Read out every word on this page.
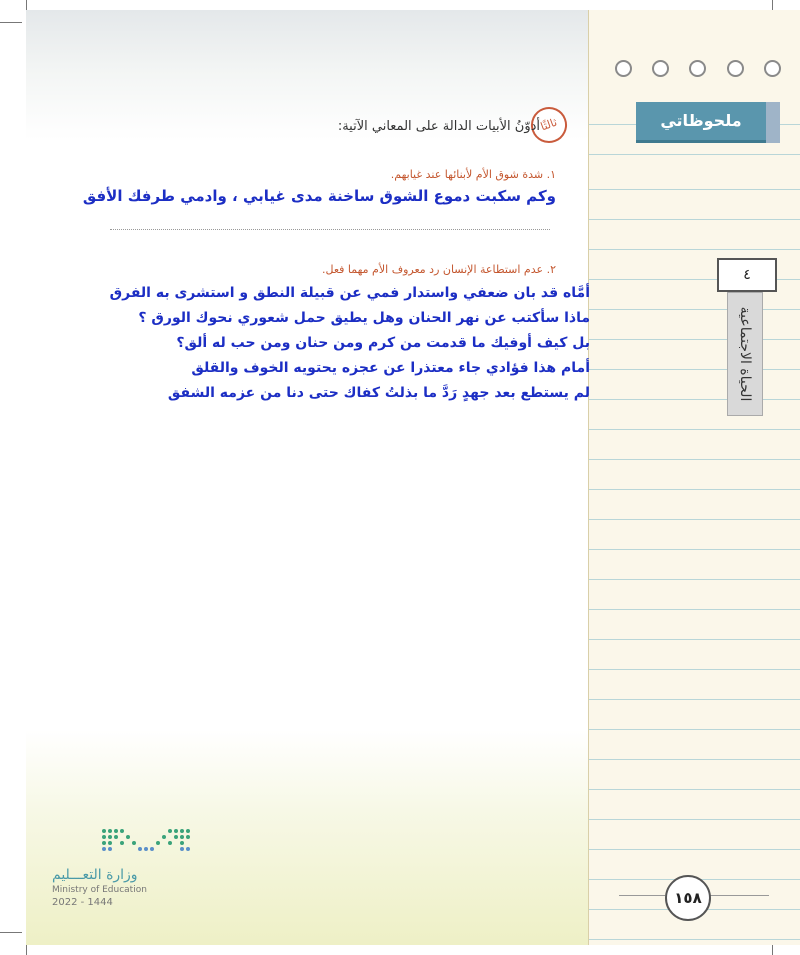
ملحوظاتي
٤
الحياة الاجتماعية
١٥٨
ثالثًا
أدوّنُ الأبيات الدالة على المعاني الآتية:
١. شدة شوق الأم لأبنائها عند غيابهم.
وكم سكبت دموع الشوق ساخنة مدى غيابي ، وادمي طرفك الأفق
٢. عدم استطاعة الإنسان رد معروف الأم مهما فعل.
أمَّاه قد بان ضعفي واستدار فمي عن قبيلة النطق و استشرى به الفرق
ماذا سأكتب عن نهر الحنان وهل يطيق حمل شعوري نحوك الورق ؟
بل كيف أوفيك ما قدمت من كرم ومن حنان ومن حب له ألق؟
أمام هذا فؤادي جاء معتذرا عن عجزه يحتويه الخوف والقلق
لم يستطع بعد جهدٍ رَدَّ ما بذلتُ كفاك حتى دنا من عزمه الشفق
وزارة التعـــليم
Ministry of Education
2022 - 1444
